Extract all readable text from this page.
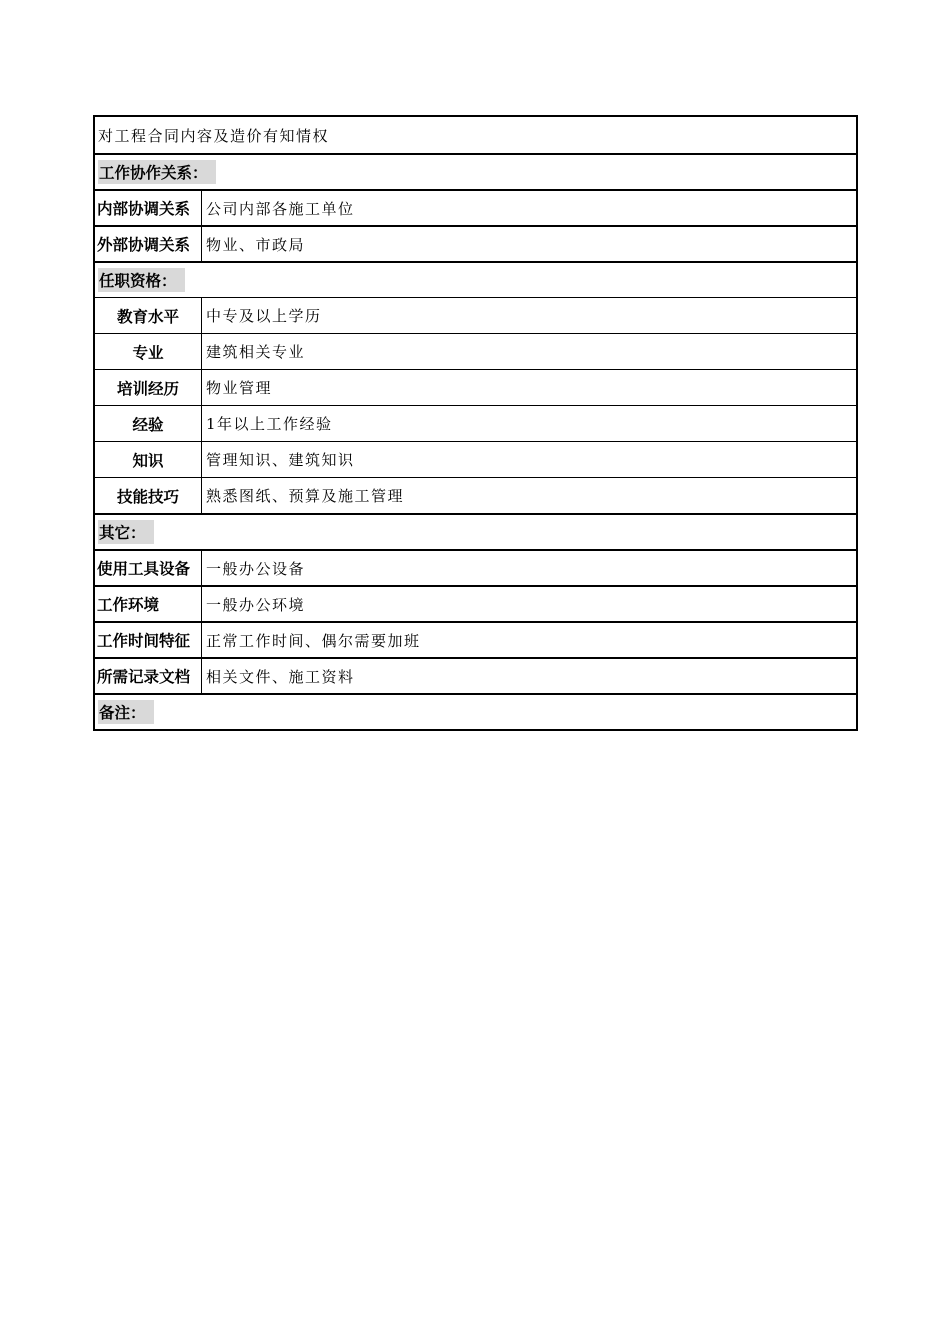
对工程合同内容及造价有知情权
工作协作关系：
内部协调关系	公司内部各施工单位
外部协调关系	物业、市政局
任职资格：
教育水平	中专及以上学历
专业	建筑相关专业
培训经历	物业管理
经验	1年以上工作经验
知识	管理知识、建筑知识
技能技巧	熟悉图纸、预算及施工管理
其它：
使用工具设备	一般办公设备
工作环境	一般办公环境
工作时间特征	正常工作时间、偶尔需要加班
所需记录文档	相关文件、施工资料
备注：
